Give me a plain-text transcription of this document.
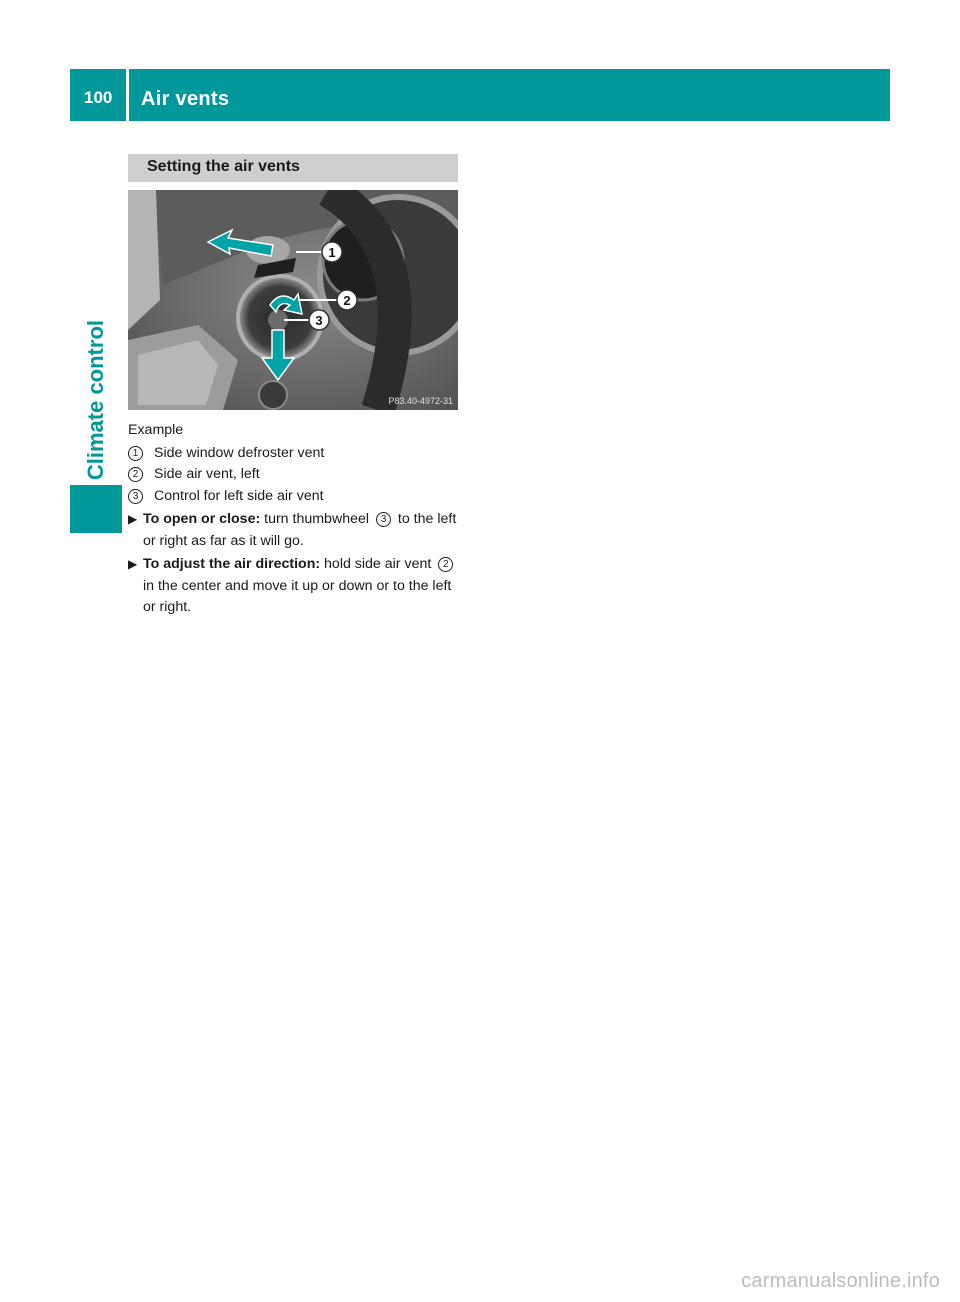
100	Air vents
Climate control
Setting the air vents
1
2
3
P83.40-4972-31
Example
1	Side window defroster vent
2	Side air vent, left
3	Control for left side air vent
▶ To open or close: turn thumbwheel 3 to the left or right as far as it will go.
▶ To adjust the air direction: hold side air vent 2 in the center and move it up or down or to the left or right.
carmanualsonline.info
